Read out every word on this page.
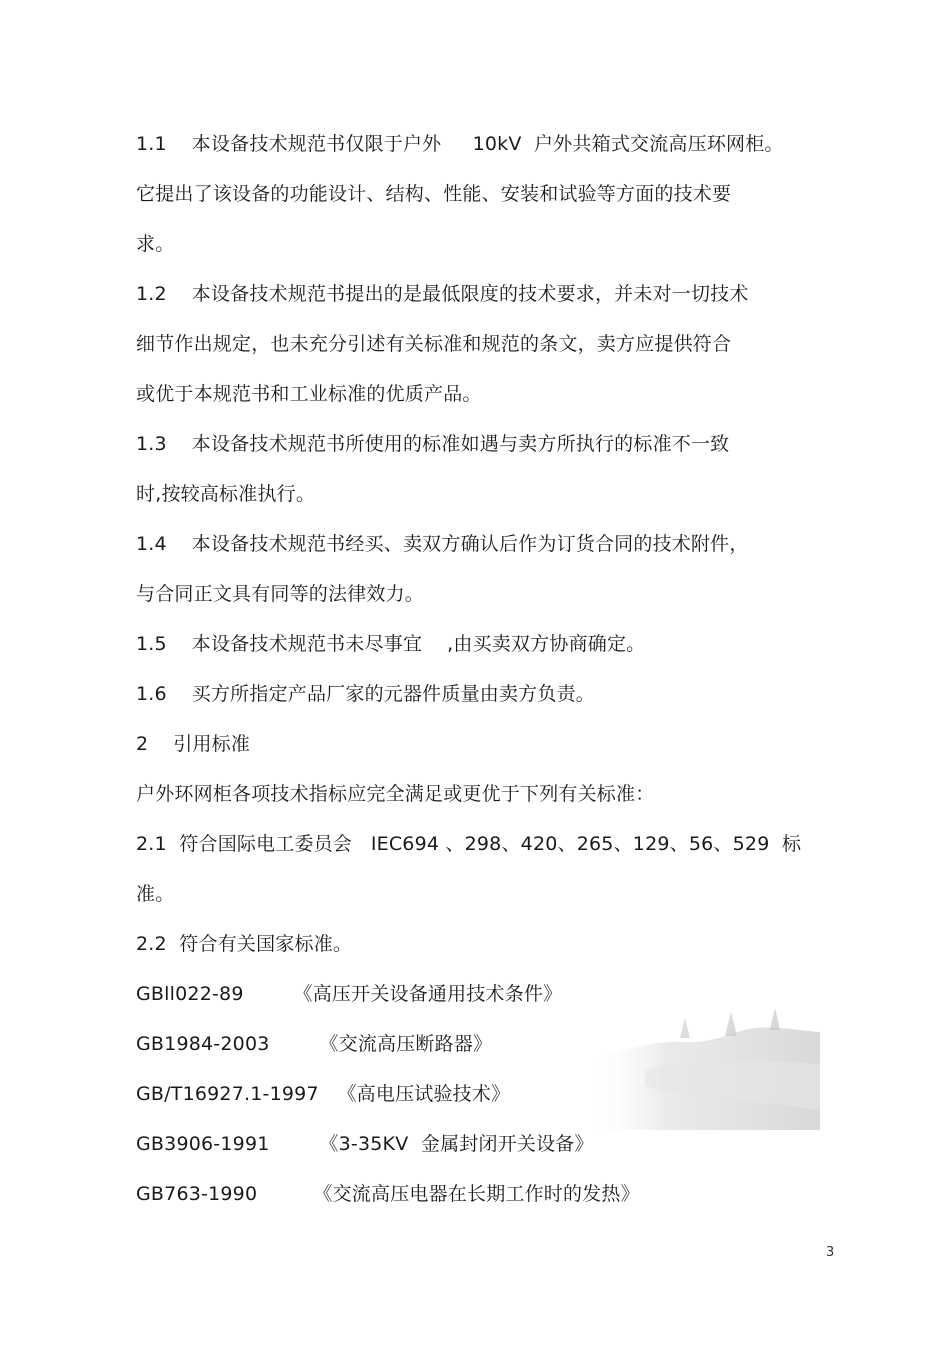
1.1    本设备技术规范书仅限于户外     10kV  户外共箱式交流高压环网柜。
它提出了该设备的功能设计、结构、性能、安装和试验等方面的技术要
求。
1.2    本设备技术规范书提出的是最低限度的技术要求，并未对一切技术
细节作出规定，也未充分引述有关标准和规范的条文，卖方应提供符合
或优于本规范书和工业标准的优质产品。
1.3    本设备技术规范书所使用的标准如遇与卖方所执行的标准不一致
时,按较高标准执行。
1.4    本设备技术规范书经买、卖双方确认后作为订货合同的技术附件，
与合同正文具有同等的法律效力。
1.5    本设备技术规范书未尽事宜    ,由买卖双方协商确定。
1.6    买方所指定产品厂家的元器件质量由卖方负责。
2    引用标准
户外环网柜各项技术指标应完全满足或更优于下列有关标准：
2.1  符合国际电工委员会   IEC694 、298、420、265、129、56、529  标
准。
2.2  符合有关国家标准。
GBll022-89        《高压开关设备通用技术条件》
GB1984-2003        《交流高压断路器》
GB/T16927.1-1997   《高电压试验技术》
GB3906-1991        《3-35KV  金属封闭开关设备》
GB763-1990         《交流高压电器在长期工作时的发热》
3
